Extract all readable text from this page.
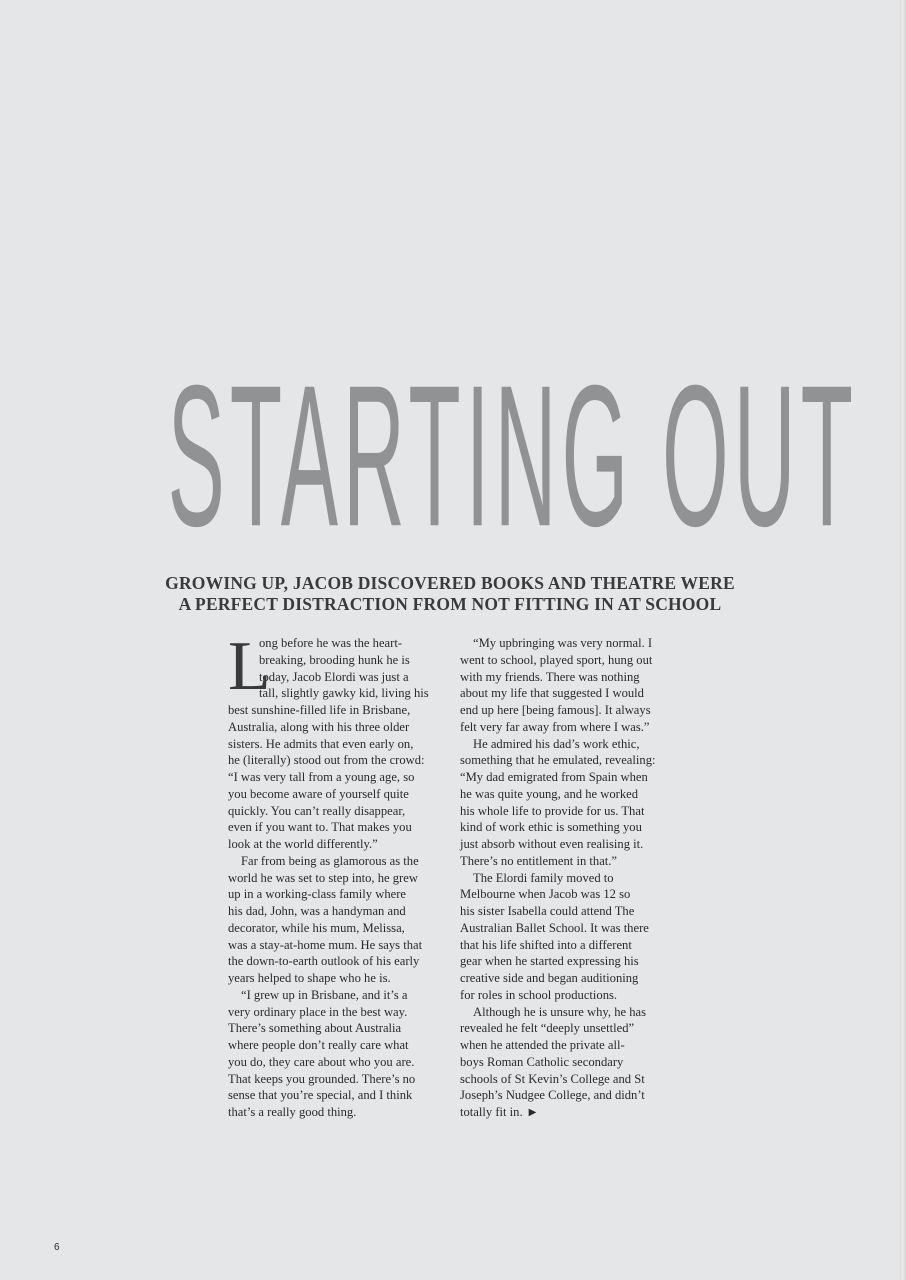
STARTING OUT
GROWING UP, JACOB DISCOVERED BOOKS AND THEATRE WERE
A PERFECT DISTRACTION FROM NOT FITTING IN AT SCHOOL
L
ong before he was the heart-
breaking, brooding hunk he is
today, Jacob Elordi was just a
tall, slightly gawky kid, living his
best sunshine-filled life in Brisbane,
Australia, along with his three older
sisters. He admits that even early on,
he (literally) stood out from the crowd:
“I was very tall from a young age, so
you become aware of yourself quite
quickly. You can’t really disappear,
even if you want to. That makes you
look at the world differently.”
Far from being as glamorous as the
world he was set to step into, he grew
up in a working-class family where
his dad, John, was a handyman and
decorator, while his mum, Melissa,
was a stay-at-home mum. He says that
the down-to-earth outlook of his early
years helped to shape who he is.
“I grew up in Brisbane, and it’s a
very ordinary place in the best way.
There’s something about Australia
where people don’t really care what
you do, they care about who you are.
That keeps you grounded. There’s no
sense that you’re special, and I think
that’s a really good thing.
“My upbringing was very normal. I
went to school, played sport, hung out
with my friends. There was nothing
about my life that suggested I would
end up here [being famous]. It always
felt very far away from where I was.”
He admired his dad’s work ethic,
something that he emulated, revealing:
“My dad emigrated from Spain when
he was quite young, and he worked
his whole life to provide for us. That
kind of work ethic is something you
just absorb without even realising it.
There’s no entitlement in that.”
The Elordi family moved to
Melbourne when Jacob was 12 so
his sister Isabella could attend The
Australian Ballet School. It was there
that his life shifted into a different
gear when he started expressing his
creative side and began auditioning
for roles in school productions.
Although he is unsure why, he has
revealed he felt “deeply unsettled”
when he attended the private all-
boys Roman Catholic secondary
schools of St Kevin’s College and St
Joseph’s Nudgee College, and didn’t
totally fit in. ▶
6
